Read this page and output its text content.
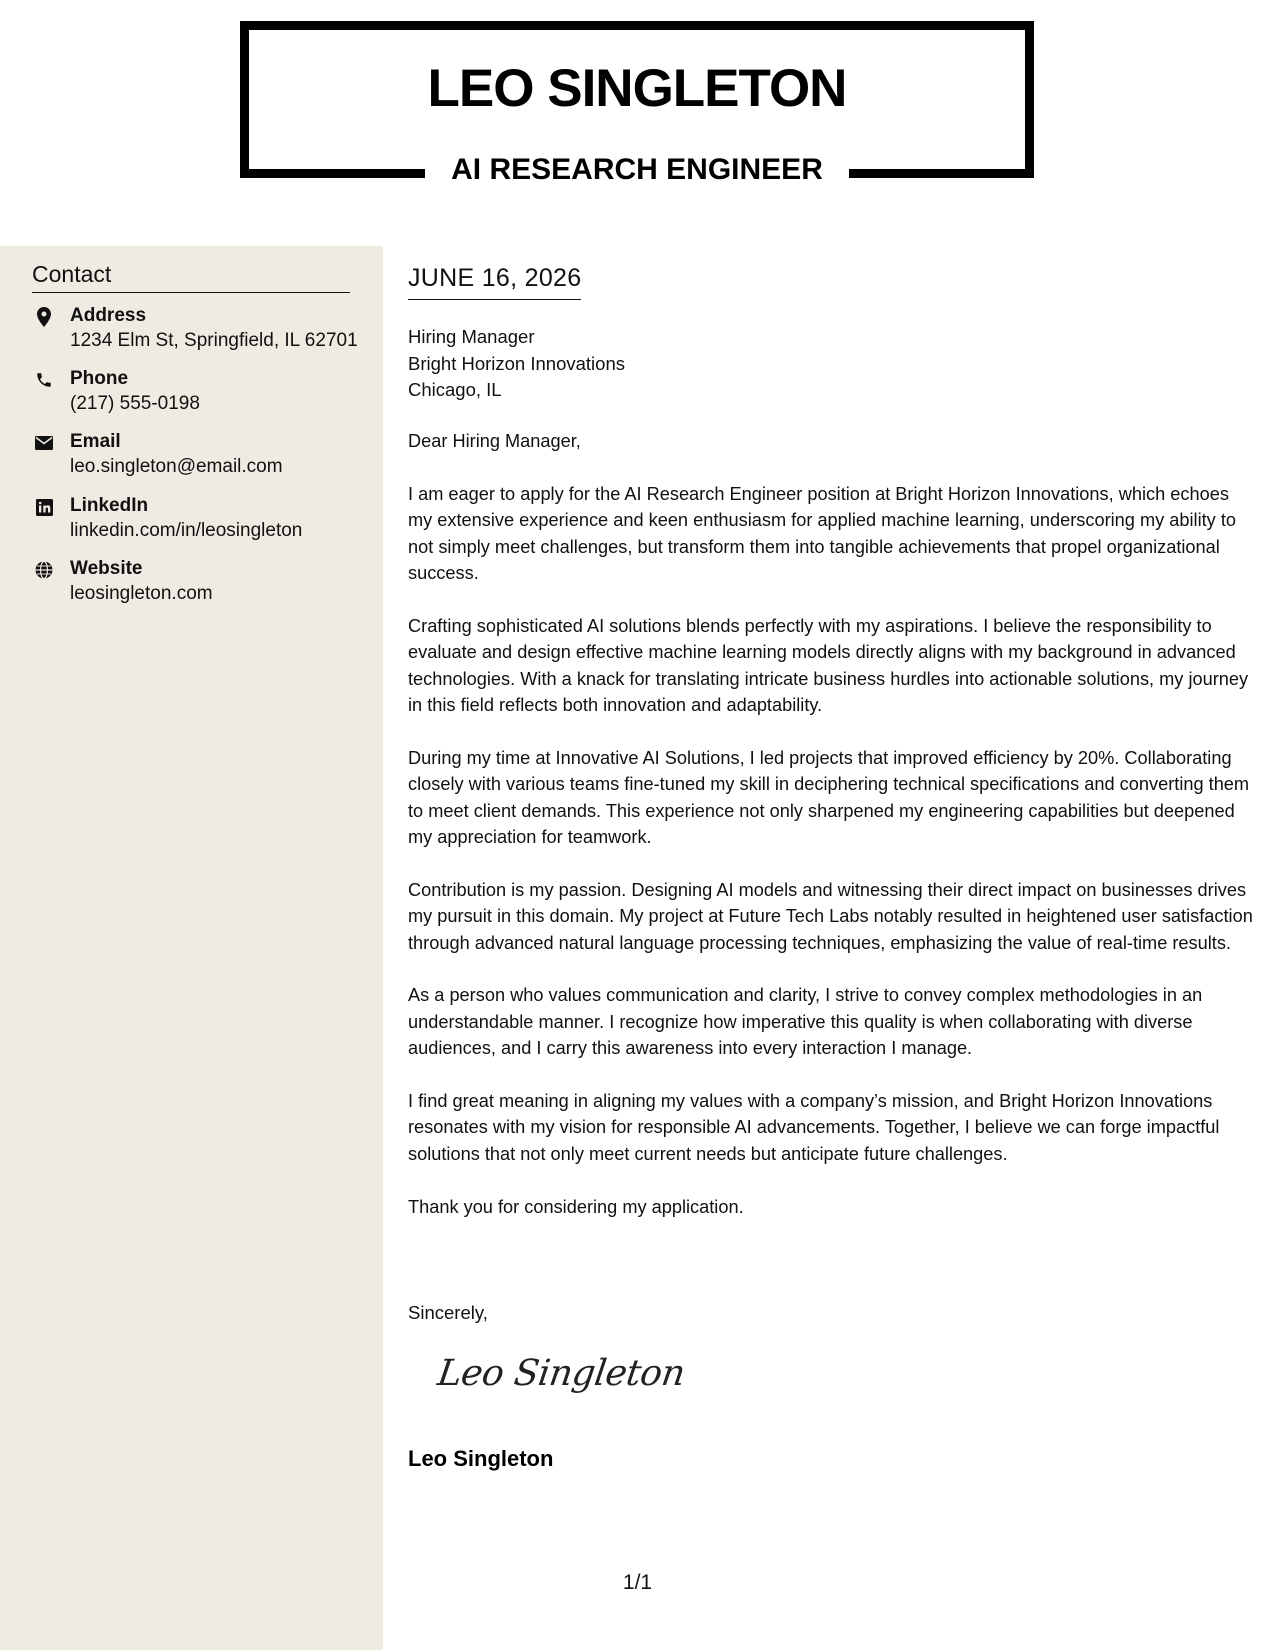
LEO SINGLETON
AI RESEARCH ENGINEER
Contact
Address
1234 Elm St, Springfield, IL 62701
Phone
(217) 555-0198
Email
leo.singleton@email.com
LinkedIn
linkedin.com/in/leosingleton
Website
leosingleton.com
JUNE 16, 2026
Hiring Manager
Bright Horizon Innovations
Chicago, IL

Dear Hiring Manager,

I am eager to apply for the AI Research Engineer position at Bright Horizon Innovations, which echoes my extensive experience and keen enthusiasm for applied machine learning, underscoring my ability to not simply meet challenges, but transform them into tangible achievements that propel organizational success.

Crafting sophisticated AI solutions blends perfectly with my aspirations. I believe the responsibility to evaluate and design effective machine learning models directly aligns with my background in advanced technologies. With a knack for translating intricate business hurdles into actionable solutions, my journey in this field reflects both innovation and adaptability.

During my time at Innovative AI Solutions, I led projects that improved efficiency by 20%. Collaborating closely with various teams fine-tuned my skill in deciphering technical specifications and converting them to meet client demands. This experience not only sharpened my engineering capabilities but deepened my appreciation for teamwork.

Contribution is my passion. Designing AI models and witnessing their direct impact on businesses drives my pursuit in this domain. My project at Future Tech Labs notably resulted in heightened user satisfaction through advanced natural language processing techniques, emphasizing the value of real-time results.

As a person who values communication and clarity, I strive to convey complex methodologies in an understandable manner. I recognize how imperative this quality is when collaborating with diverse audiences, and I carry this awareness into every interaction I manage.

I find great meaning in aligning my values with a company’s mission, and Bright Horizon Innovations resonates with my vision for responsible AI advancements. Together, I believe we can forge impactful solutions that not only meet current needs but anticipate future challenges.

Thank you for considering my application.

Sincerely,
Leo Singleton
Leo Singleton
1/1
